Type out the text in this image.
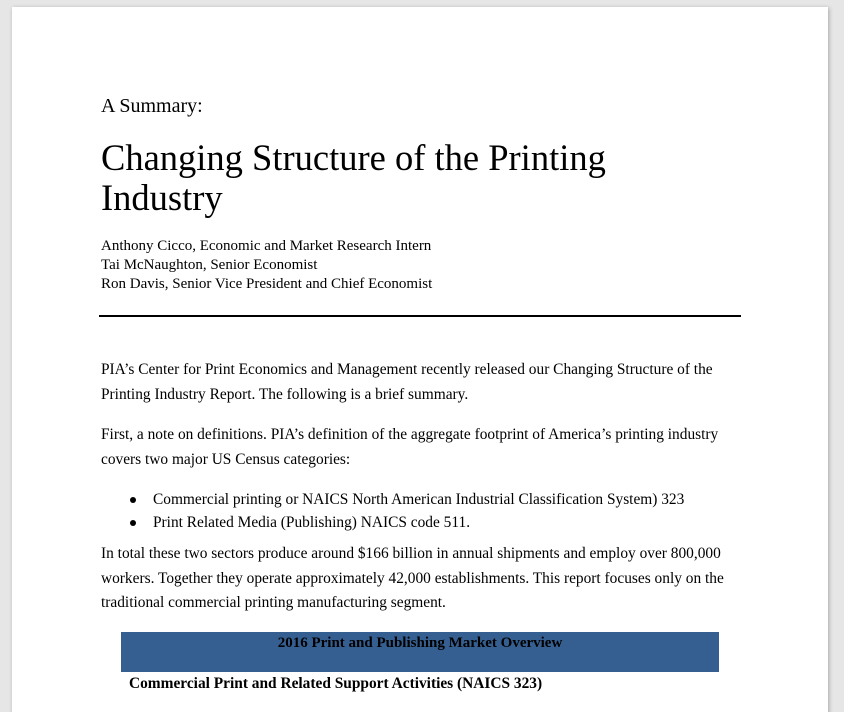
A Summary:
Changing Structure of the Printing Industry
Anthony Cicco, Economic and Market Research Intern
Tai McNaughton, Senior Economist
Ron Davis, Senior Vice President and Chief Economist
PIA’s Center for Print Economics and Management recently released our Changing Structure of the Printing Industry Report. The following is a brief summary.
First, a note on definitions. PIA’s definition of the aggregate footprint of America’s printing industry covers two major US Census categories:
Commercial printing or NAICS North American Industrial Classification System) 323
Print Related Media (Publishing) NAICS code 511.
In total these two sectors produce around $166 billion in annual shipments and employ over 800,000 workers. Together they operate approximately 42,000 establishments. This report focuses only on the traditional commercial printing manufacturing segment.
2016 Print and Publishing Market Overview
Commercial Print and Related Support Activities (NAICS 323)
